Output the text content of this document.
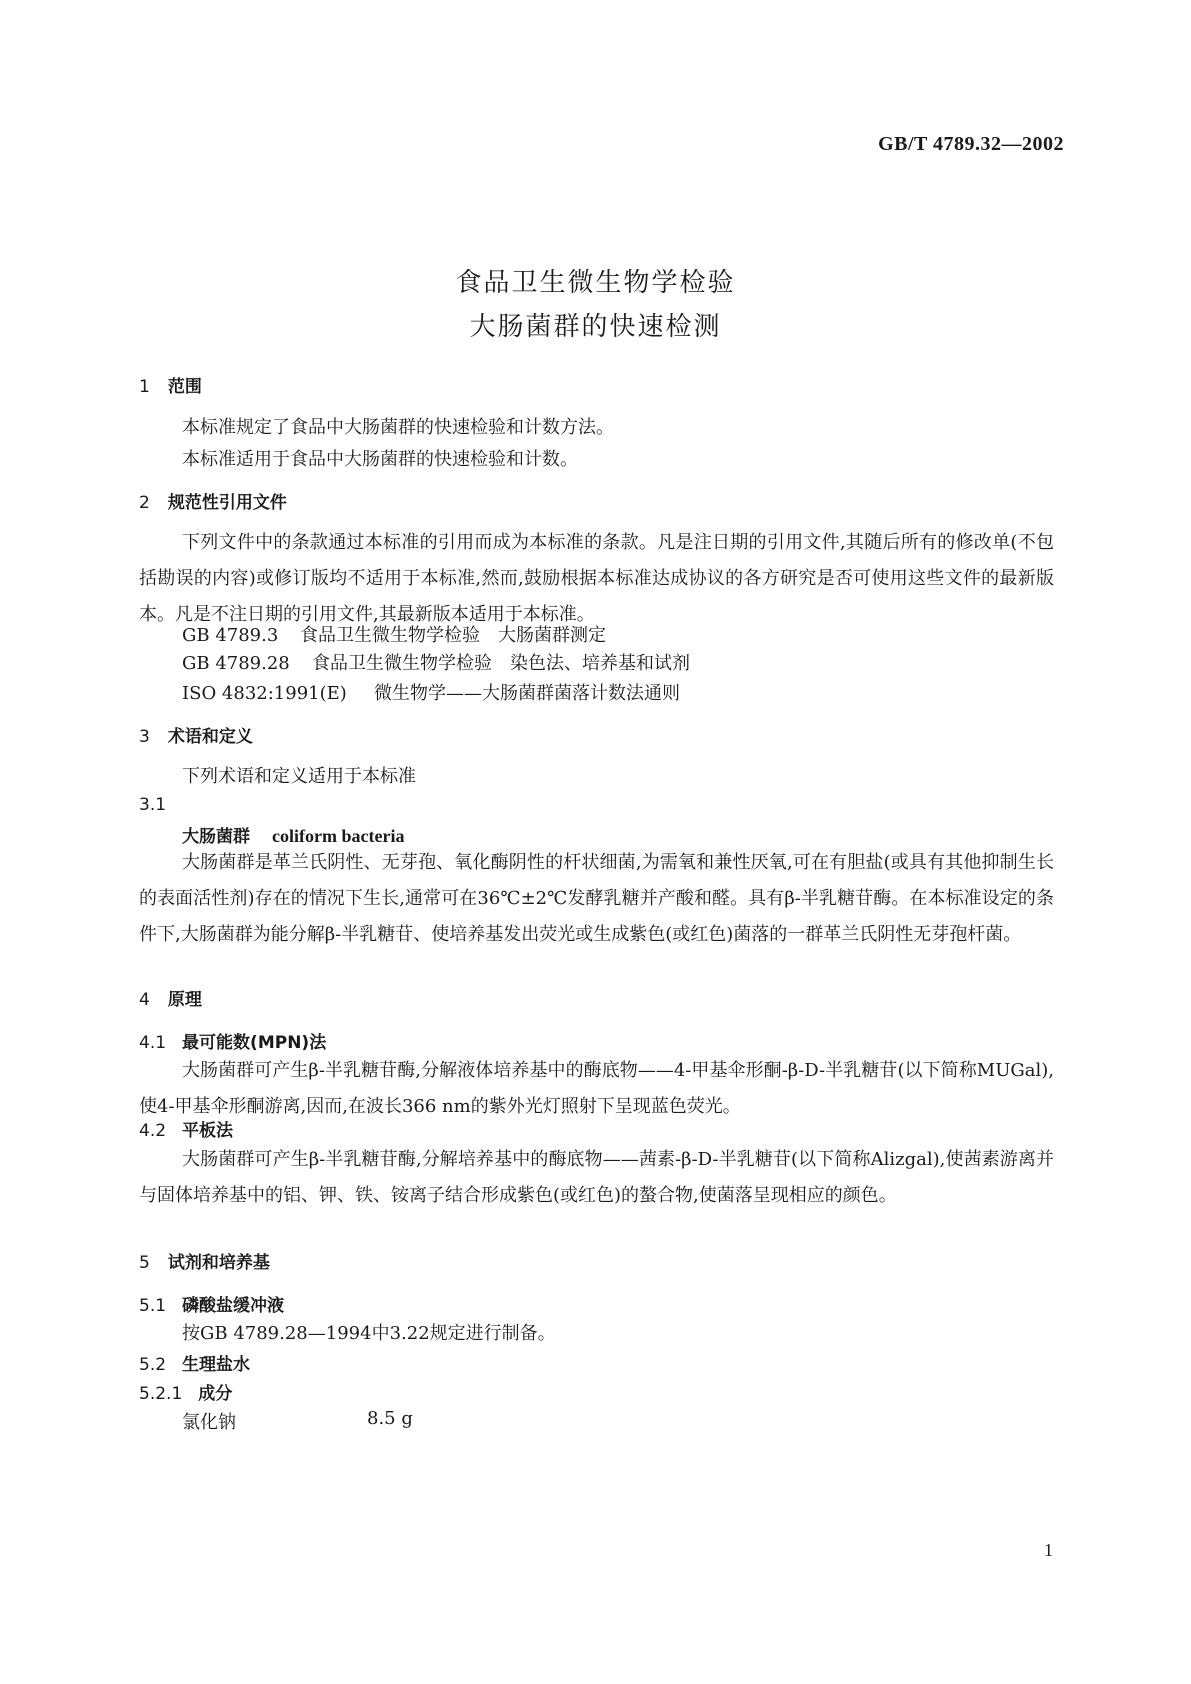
GB/T 4789.32—2002
食品卫生微生物学检验
大肠菌群的快速检测
1 范围
本标准规定了食品中大肠菌群的快速检验和计数方法。
本标准适用于食品中大肠菌群的快速检验和计数。
2 规范性引用文件
下列文件中的条款通过本标准的引用而成为本标准的条款。凡是注日期的引用文件,其随后所有的修改单(不包括勘误的内容)或修订版均不适用于本标准,然而,鼓励根据本标准达成协议的各方研究是否可使用这些文件的最新版本。凡是不注日期的引用文件,其最新版本适用于本标准。
GB 4789.3 食品卫生微生物学检验　大肠菌群测定
GB 4789.28 食品卫生微生物学检验　染色法、培养基和试剂
ISO 4832:1991(E) 微生物学——大肠菌群菌落计数法通则
3 术语和定义
下列术语和定义适用于本标准
3.1
大肠菌群 coliform bacteria
大肠菌群是革兰氏阴性、无芽孢、氧化酶阴性的杆状细菌,为需氧和兼性厌氧,可在有胆盐(或具有其他抑制生长的表面活性剂)存在的情况下生长,通常可在36℃±2℃发酵乳糖并产酸和醛。具有β-半乳糖苷酶。在本标准设定的条件下,大肠菌群为能分解β-半乳糖苷、使培养基发出荧光或生成紫色(或红色)菌落的一群革兰氏阴性无芽孢杆菌。
4 原理
4.1 最可能数(MPN)法
大肠菌群可产生β-半乳糖苷酶,分解液体培养基中的酶底物——4-甲基伞形酮-β-D-半乳糖苷(以下简称MUGal),使4-甲基伞形酮游离,因而,在波长366 nm的紫外光灯照射下呈现蓝色荧光。
4.2 平板法
大肠菌群可产生β-半乳糖苷酶,分解培养基中的酶底物——茜素-β-D-半乳糖苷(以下简称Alizgal),使茜素游离并与固体培养基中的铝、钾、铁、铵离子结合形成紫色(或红色)的螯合物,使菌落呈现相应的颜色。
5 试剂和培养基
5.1 磷酸盐缓冲液
按GB 4789.28—1994中3.22规定进行制备。
5.2 生理盐水
5.2.1 成分
氯化钠	8.5 g
1
